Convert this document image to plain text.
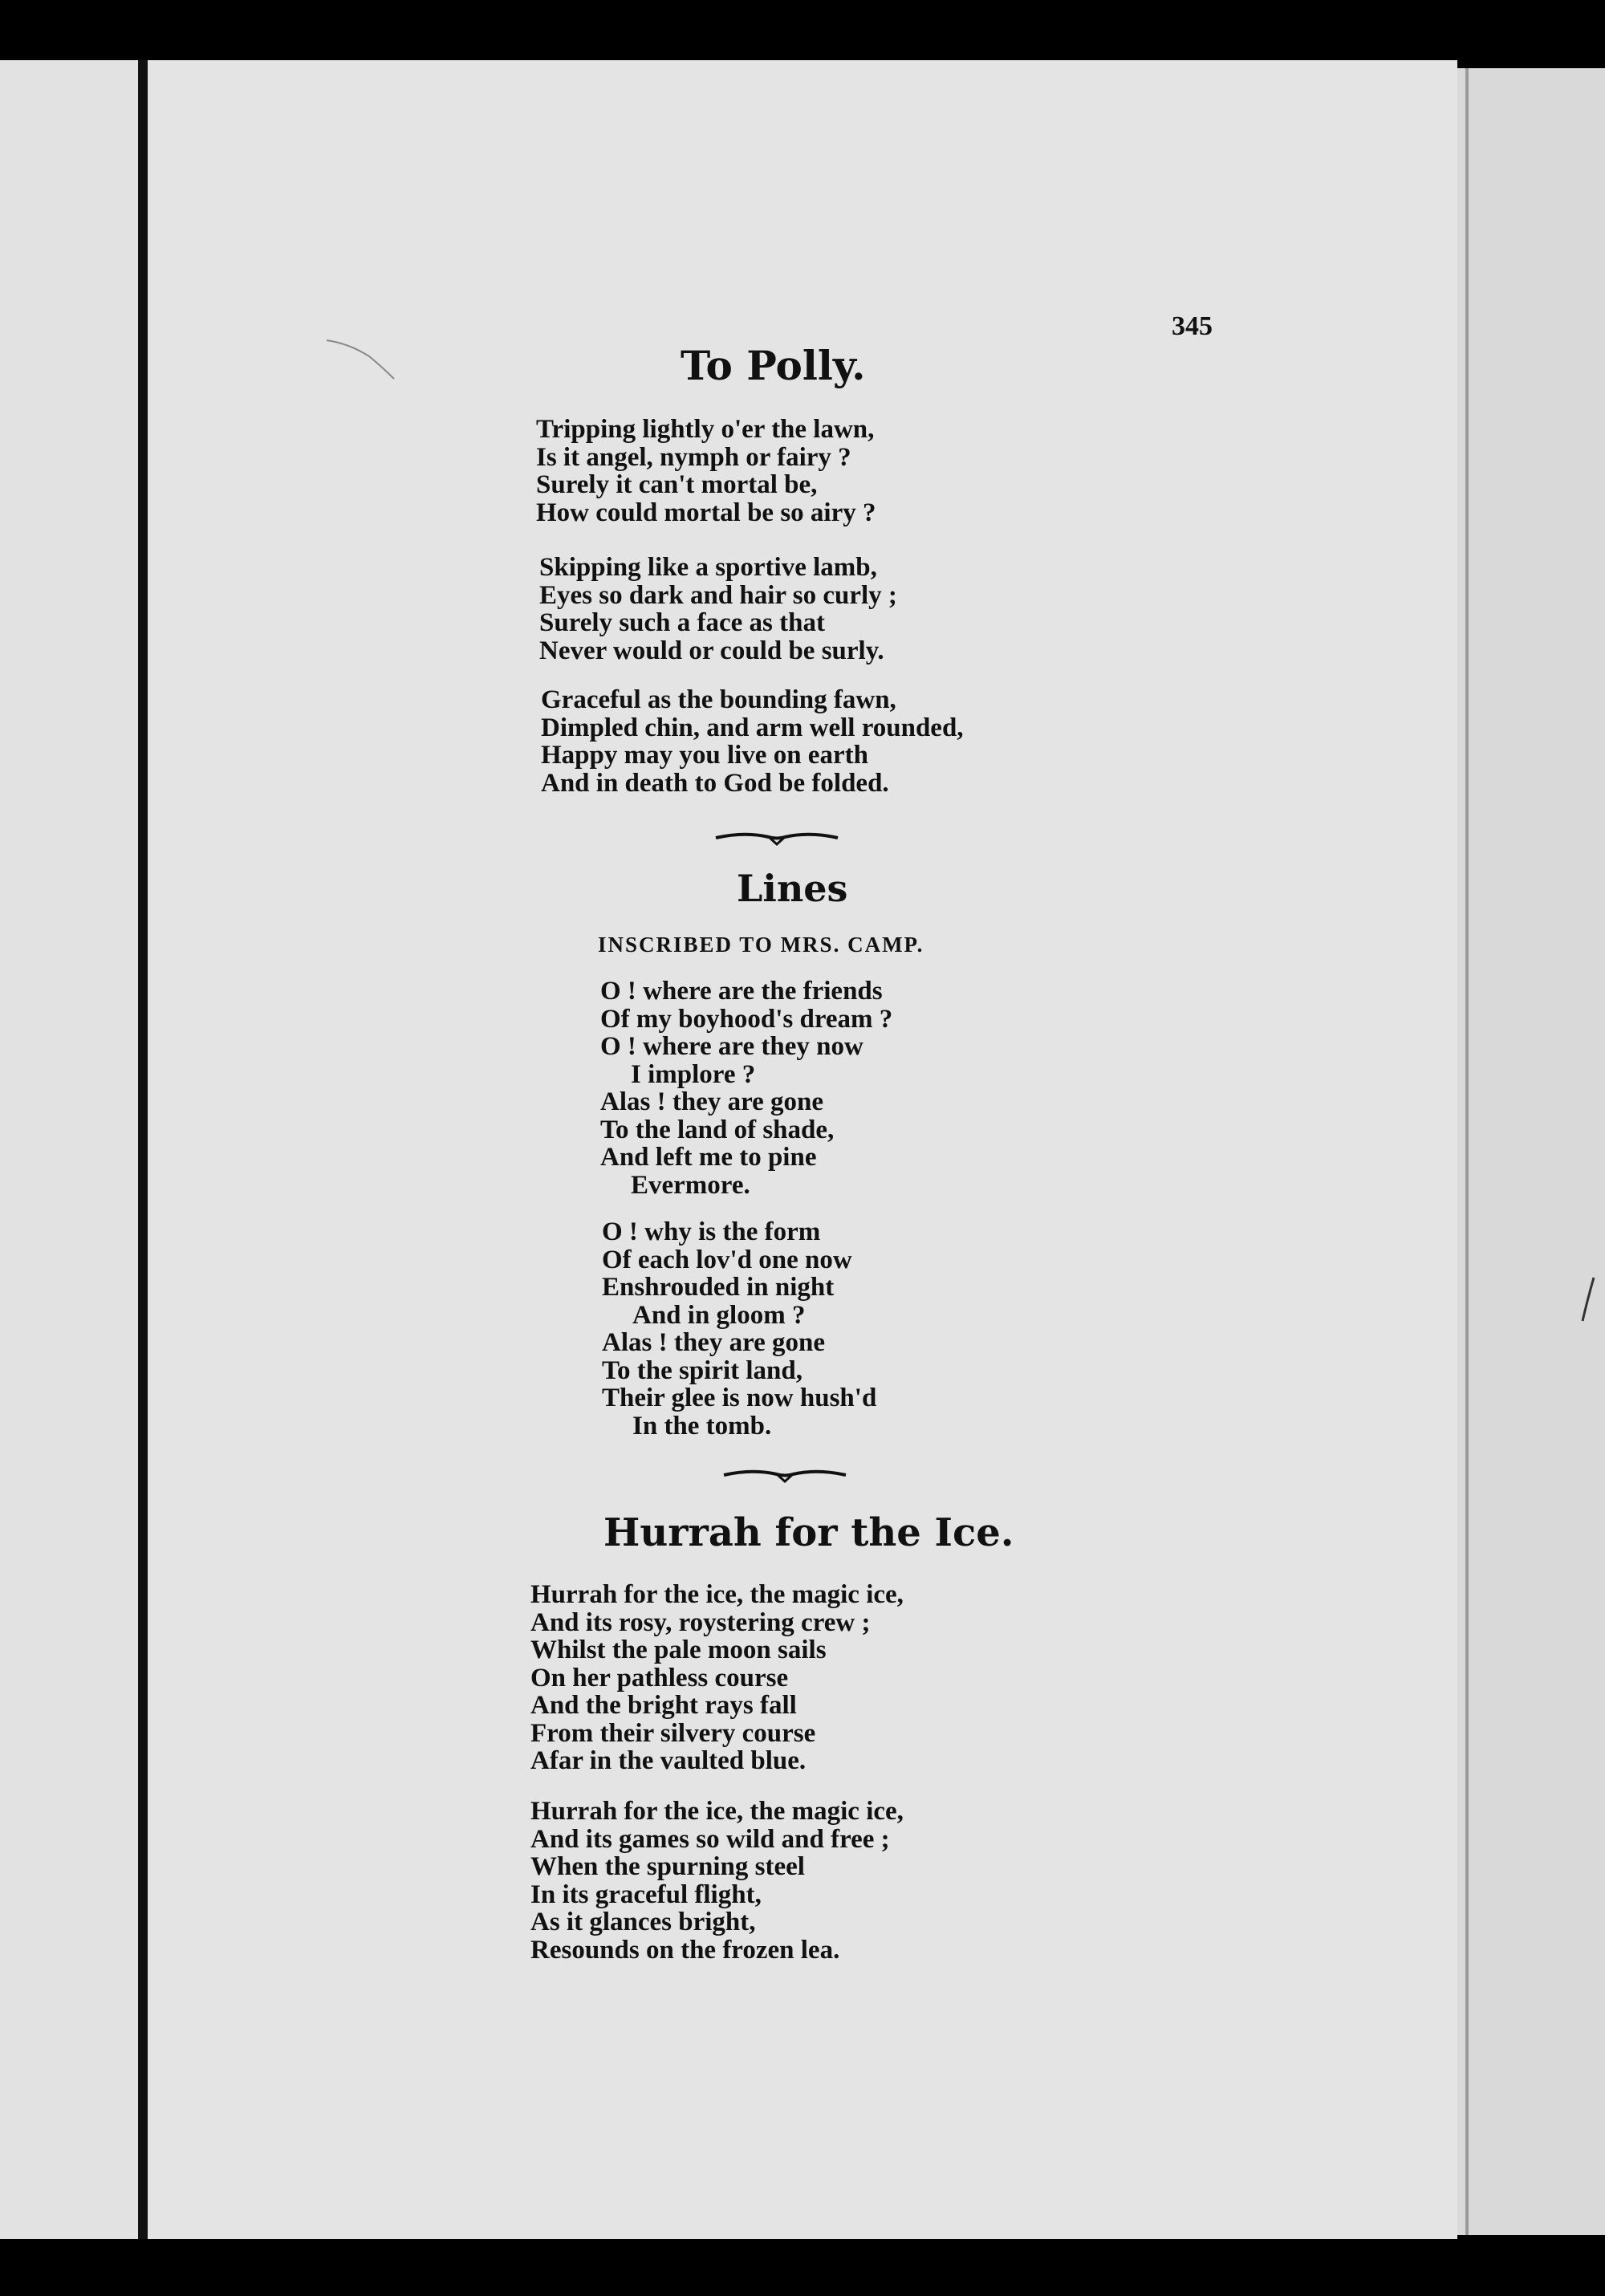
345
To Polly.
Tripping lightly o'er the lawn,
Is it angel, nymph or fairy ?
Surely it can't mortal be,
How could mortal be so airy ?
Skipping like a sportive lamb,
Eyes so dark and hair so curly ;
Surely such a face as that
Never would or could be surly.
Graceful as the bounding fawn,
Dimpled chin, and arm well rounded,
Happy may you live on earth
And in death to God be folded.
Lines
INSCRIBED TO MRS. CAMP.
O ! where are the friends
Of my boyhood's dream ?
O ! where are they now
I implore ?
Alas ! they are gone
To the land of shade,
And left me to pine
Evermore.
O ! why is the form
Of each lov'd one now
Enshrouded in night
And in gloom ?
Alas ! they are gone
To the spirit land,
Their glee is now hush'd
In the tomb.
Hurrah for the Ice.
Hurrah for the ice, the magic ice,
And its rosy, roystering crew ;
Whilst the pale moon sails
On her pathless course
And the bright rays fall
From their silvery course
Afar in the vaulted blue.
Hurrah for the ice, the magic ice,
And its games so wild and free ;
When the spurning steel
In its graceful flight,
As it glances bright,
Resounds on the frozen lea.
